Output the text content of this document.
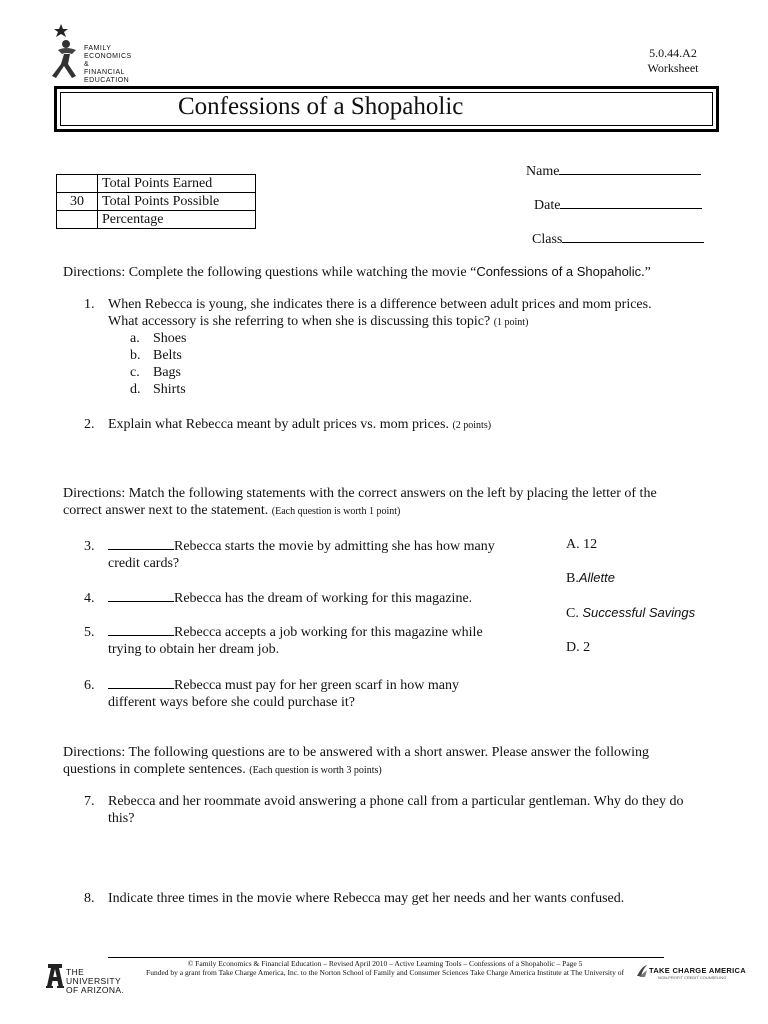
FAMILY
ECONOMICS &
FINANCIAL
EDUCATION
5.0.44.A2
Worksheet
Confessions of a Shopaholic
	Total Points Earned
30	Total Points Possible
	Percentage
Name
Date
Class
Directions: Complete the following questions while watching the movie “Confessions of a Shopaholic.”
1. When Rebecca is young, she indicates there is a difference between adult prices and mom prices.
What accessory is she referring to when she is discussing this topic? (1 point)
a. Shoes
b. Belts
c. Bags
d. Shirts
2. Explain what Rebecca meant by adult prices vs. mom prices. (2 points)
Directions: Match the following statements with the correct answers on the left by placing the letter of the
correct answer next to the statement. (Each question is worth 1 point)
3.	Rebecca starts the movie by admitting she has how many
credit cards?
4.	Rebecca has the dream of working for this magazine.
5.	Rebecca accepts a job working for this magazine while
trying to obtain her dream job.
6.	Rebecca must pay for her green scarf in how many
different ways before she could purchase it?
A. 12
B.Allette
C. Successful Savings
D. 2
Directions: The following questions are to be answered with a short answer. Please answer the following
questions in complete sentences. (Each question is worth 3 points)
7. Rebecca and her roommate avoid answering a phone call from a particular gentleman. Why do they do
this?
8. Indicate three times in the movie where Rebecca may get her needs and her wants confused.
© Family Economics & Financial Education – Revised April 2010 – Active Learning Tools – Confessions of a Shopaholic – Page 5
Funded by a grant from Take Charge America, Inc. to the Norton School of Family and Consumer Sciences Take Charge America Institute at The University of
THE UNIVERSITY
OF ARIZONA.
TAKE CHARGE AMERICA
NON-PROFIT CREDIT COUNSELING
